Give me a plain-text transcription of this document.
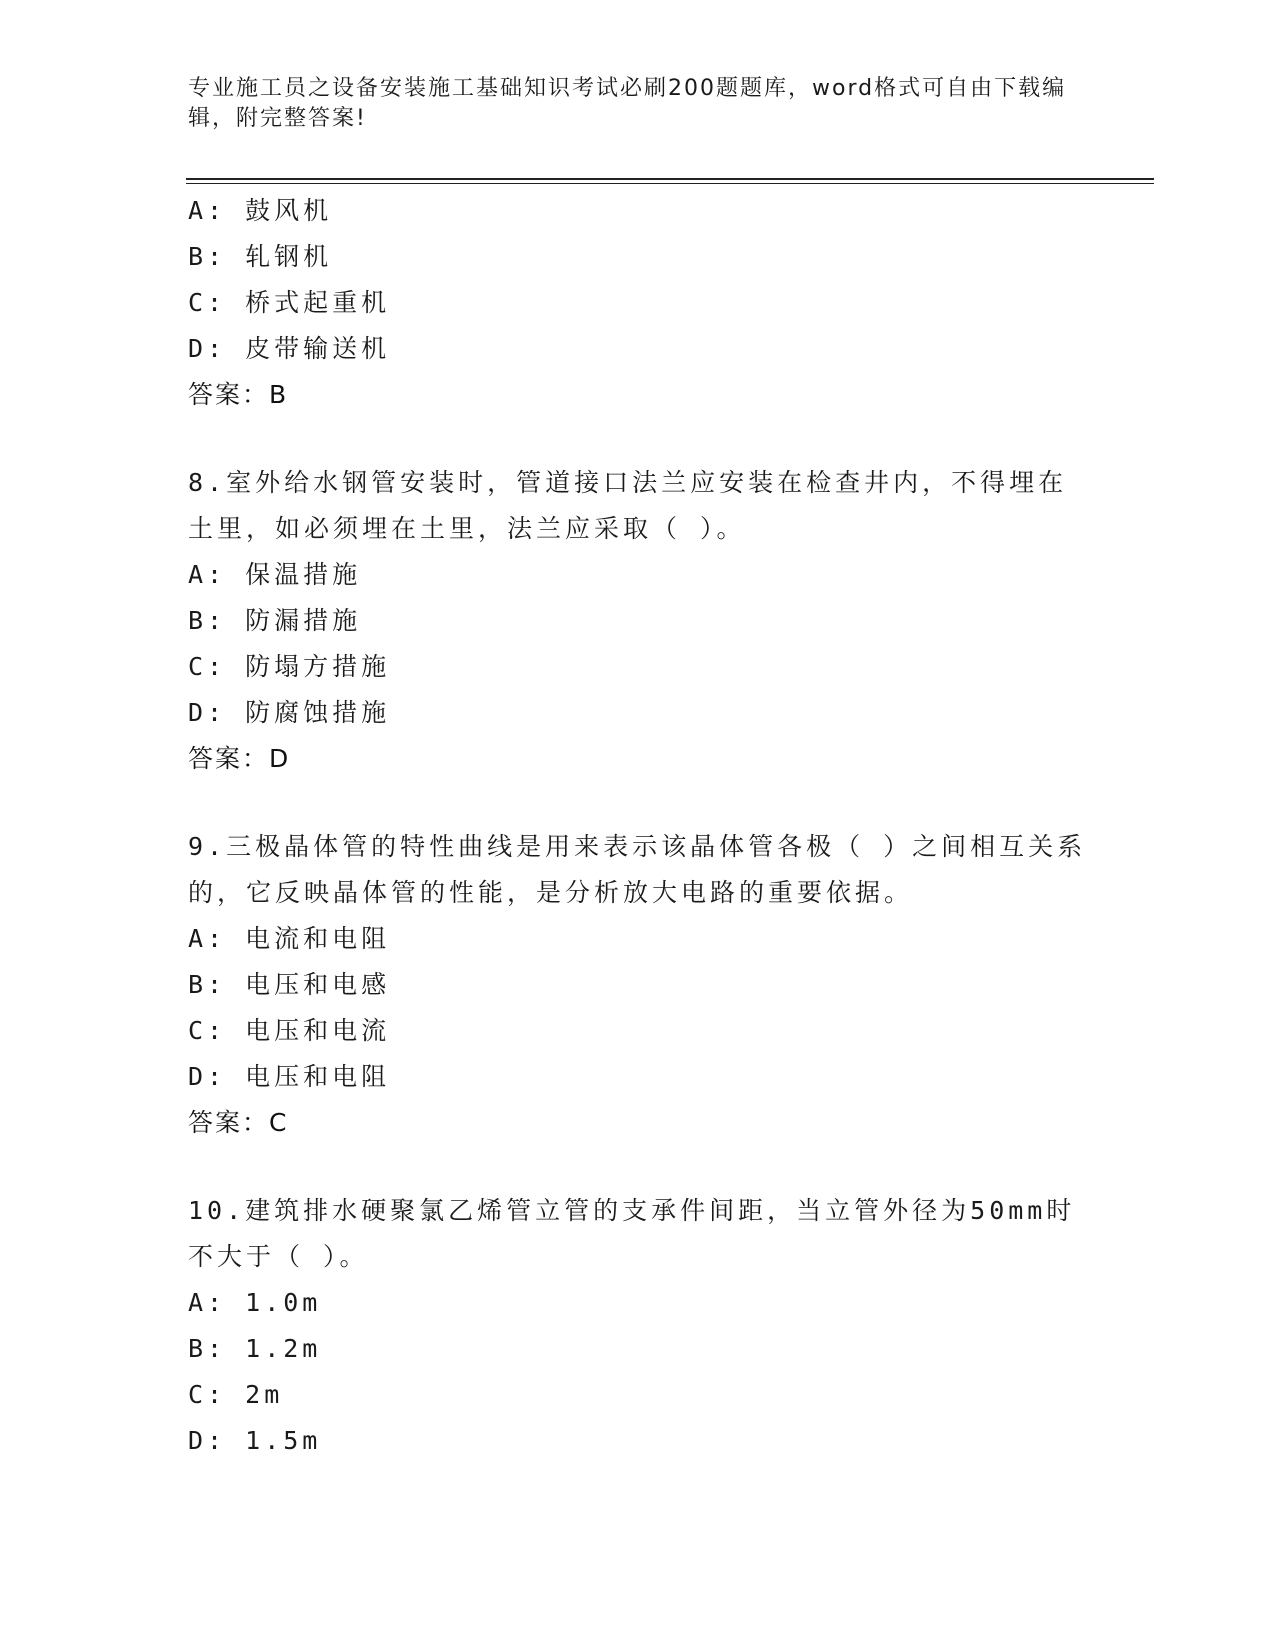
专业施工员之设备安装施工基础知识考试必刷200题题库，word格式可自由下载编辑，附完整答案!
A: 鼓风机
B: 轧钢机
C: 桥式起重机
D: 皮带输送机
答案：B
8.室外给水钢管安装时，管道接口法兰应安装在检查井内，不得埋在土里，如必须埋在土里，法兰应采取（ ）。
A: 保温措施
B: 防漏措施
C: 防塌方措施
D: 防腐蚀措施
答案：D
9.三极晶体管的特性曲线是用来表示该晶体管各极（ ）之间相互关系的，它反映晶体管的性能，是分析放大电路的重要依据。
A: 电流和电阻
B: 电压和电感
C: 电压和电流
D: 电压和电阻
答案：C
10.建筑排水硬聚氯乙烯管立管的支承件间距，当立管外径为50mm时不大于（ ）。
A: 1.0m
B: 1.2m
C: 2m
D: 1.5m
